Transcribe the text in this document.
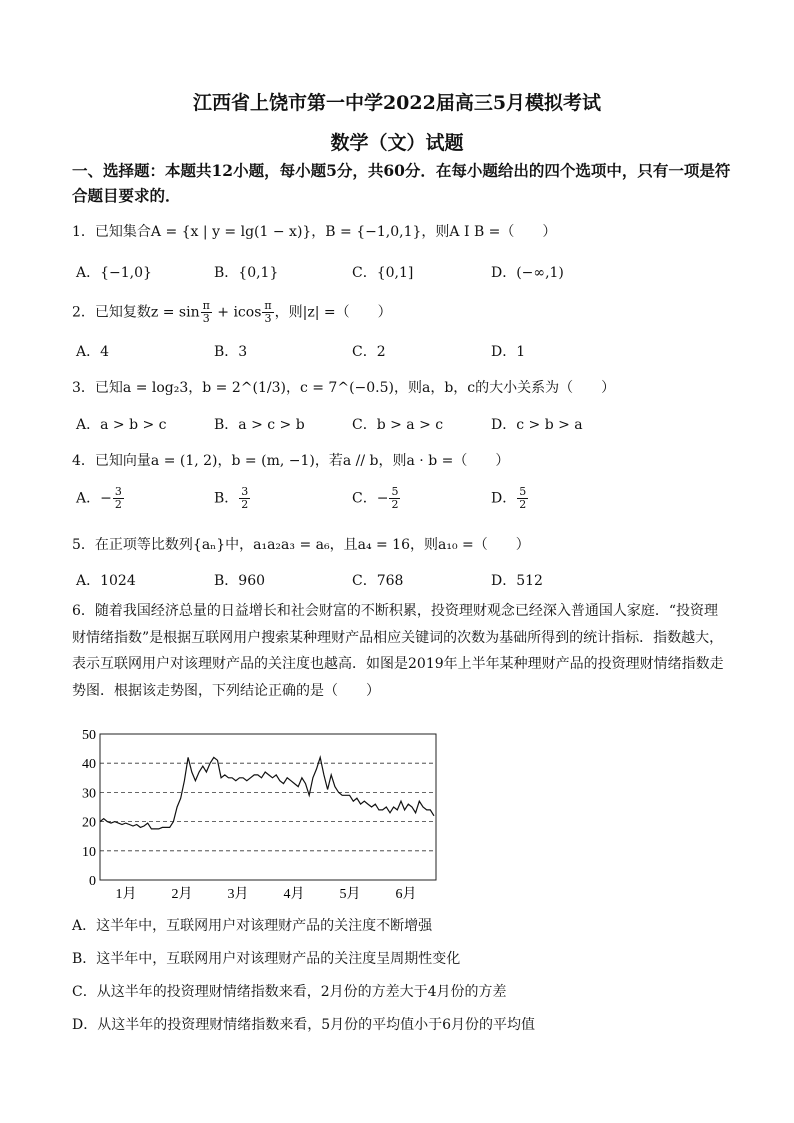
江西省上饶市第一中学2022届高三5月模拟考试
数学（文）试题
一、选择题：本题共12小题，每小题5分，共60分．在每小题给出的四个选项中，只有一项是符合题目要求的．
1．已知集合A = {x | y = lg(1 − x)}，B = {−1,0,1}，则A I B =（　　）
A．{−1,0}	B．{0,1}	C．{0,1]	D．(−∞,1)
2．已知复数$z = \sin \frac{\pi}{3} + icos \frac{\pi}{3}$ ，则|z| =（　　）
A．4	B．3	C．2	D．1
3．已知a = log₂3，b = 2^(1/3)，c = 7^(−0.5)，则a，b，c的大小关系为（　　）
A．a > b > c	B．a > c > b	C．b > a > c	D．c > b > a
4．已知向量a = (1, 2)，b = (m, −1)，若a // b，则a · b =（　　）
A．− $\frac{3}{2}$	B． $\frac{3}{2}$	C．− $\frac{5}{2}$	D． $\frac{5}{2}$
5．在正项等比数列{aₙ}中，a₁a₂a₃ = a₆，且a₄ = 16，则a₁₀ =（　　）
A．1024	B．960	C．768	D．512
6．随着我国经济总量的日益增长和社会财富的不断积累，投资理财观念已经深入普通国人家庭．“投资理
财情绪指数”是根据互联网用户搜索某种理财产品相应关键词的次数为基础所得到的统计指标．指数越大，
表示互联网用户对该理财产品的关注度也越高．如图是2019年上半年某种理财产品的投资理财情绪指数走
势图．根据该走势图，下列结论正确的是（　　）
0
10
20
30
40
50
1月	2月	3月	4月	5月	6月
A．这半年中，互联网用户对该理财产品的关注度不断增强
B．这半年中，互联网用户对该理财产品的关注度呈周期性变化
C．从这半年的投资理财情绪指数来看，2月份的方差大于4月份的方差
D．从这半年的投资理财情绪指数来看，5月份的平均值小于6月份的平均值
